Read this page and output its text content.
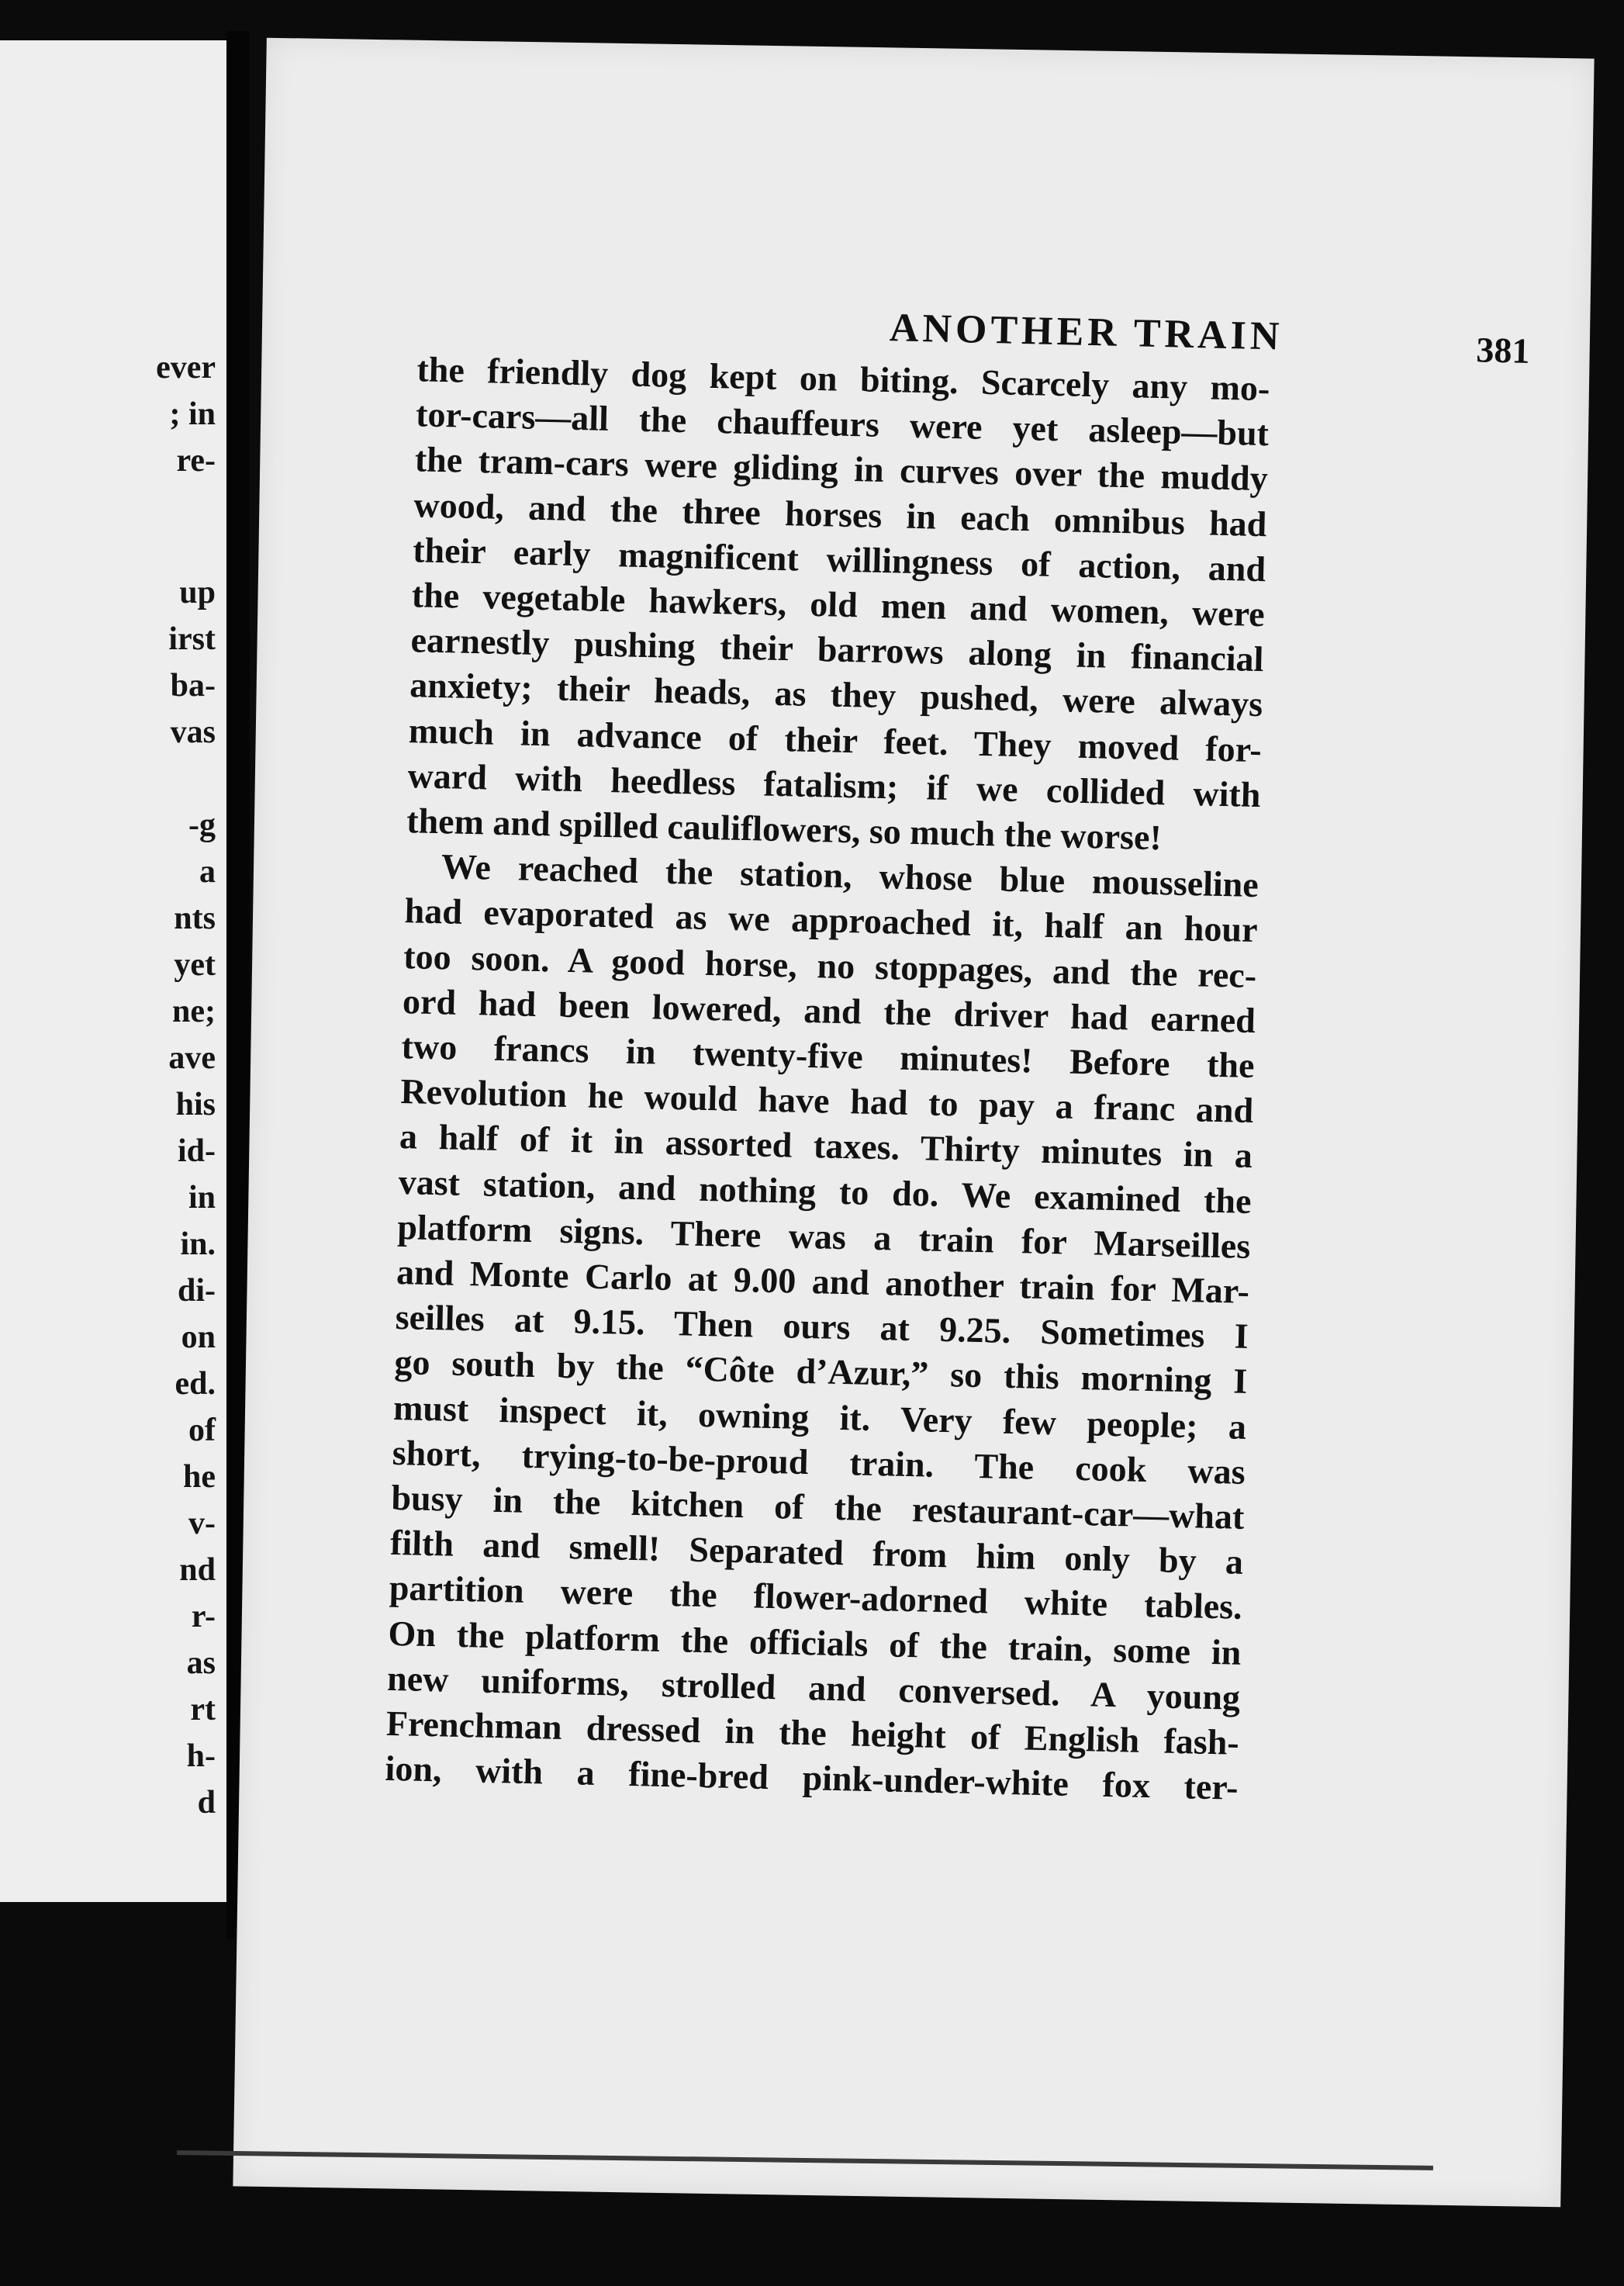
ever
; in
re-
up
irst
ba-
vas
-g
a
nts
yet
ne;
ave
his
id-
in
in.
di-
on
ed.
of
he
v-
nd
r-
as
rt
h-
d
ANOTHER TRAIN	381
the friendly dog kept on biting. Scarcely any mo-
tor-cars—all the chauffeurs were yet asleep—but
the tram-cars were gliding in curves over the muddy
wood, and the three horses in each omnibus had
their early magnificent willingness of action, and
the vegetable hawkers, old men and women, were
earnestly pushing their barrows along in financial
anxiety; their heads, as they pushed, were always
much in advance of their feet. They moved for-
ward with heedless fatalism; if we collided with
them and spilled cauliflowers, so much the worse!
We reached the station, whose blue mousseline
had evaporated as we approached it, half an hour
too soon. A good horse, no stoppages, and the rec-
ord had been lowered, and the driver had earned
two francs in twenty-five minutes! Before the
Revolution he would have had to pay a franc and
a half of it in assorted taxes. Thirty minutes in a
vast station, and nothing to do. We examined the
platform signs. There was a train for Marseilles
and Monte Carlo at 9.00 and another train for Mar-
seilles at 9.15. Then ours at 9.25. Sometimes I
go south by the “Côte d’Azur,” so this morning I
must inspect it, owning it. Very few people; a
short, trying-to-be-proud train. The cook was
busy in the kitchen of the restaurant-car—what
filth and smell! Separated from him only by a
partition were the flower-adorned white tables.
On the platform the officials of the train, some in
new uniforms, strolled and conversed. A young
Frenchman dressed in the height of English fash-
ion, with a fine-bred pink-under-white fox ter-
